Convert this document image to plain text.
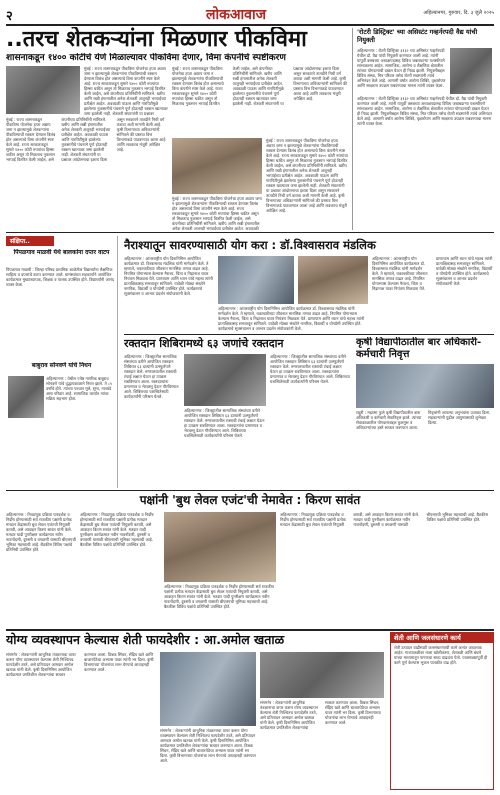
२	लोकआवाज	अहिल्यानगर, गुरुवार, दि. ३ जुलै २०२५
..तरच शेतकऱ्यांना मिळणार पीकविमा
शासनाकडून १४०० कोटींचे येणे मिळाल्यावर पीकविमा देणार, विमा कंपनीचे स्पष्टीकरण
मुंबई : राज्य शासनाकडून पीकविमा योजनेचा हप्ता अद्याप जमा न झाल्यामुळे शेतकऱ्यांना पीकविम्याची रक्कम देण्यास विलंब होत असल्याचे विमा कंपनीने स्पष्ट केले आहे. राज्य सरकारकडून सुमारे १४०० कोटी रुपयांचा हिस्सा थकीत असून तो मिळताच नुकसान भरपाई वितरित केली जाईल, असे कंपनीच्या प्रतिनिधींनी सांगितले. खरीप आणि रब्बी हंगामातील अनेक शेतकरी अजूनही भरपाईच्या प्रतीक्षेत आहेत. अवकाळी पाऊस आणि गारपिटीमुळे झालेल्या नुकसानीचे पंचनामे पूर्ण होऊनही रक्कम खात्यावर जमा झालेली नाही. शेतकरी संघटनांनी या प्रश्नावर आंदोलनाचा इशारा दिला असून सरकारने तातडीने निधी वर्ग करावा अशी मागणी केली आहे. कृषी विभागाच्या अधिकाऱ्यांनी सांगितले की प्रस्ताव वित्त विभागाकडे पाठवण्यात आला आहे आणि लवकरच मंजुरी अपेक्षित आहे.
मुंबई : राज्य शासनाकडून पीकविमा योजनेचा हप्ता अद्याप जमा न झाल्यामुळे शेतकऱ्यांना पीकविम्याची रक्कम देण्यास विलंब होत असल्याचे विमा कंपनीने स्पष्ट केले आहे. राज्य सरकारकडून सुमारे १४०० कोटी रुपयांचा हिस्सा थकीत असून तो मिळताच नुकसान भरपाई वितरित केली जाईल, असे कंपनीच्या प्रतिनिधींनी सांगितले. खरीप आणि रब्बी हंगामातील अनेक शेतकरी अजूनही भरपाईच्या प्रतीक्षेत आहेत. अवकाळी पाऊस आणि गारपिटीमुळे झालेल्या नुकसानीचे पंचनामे पूर्ण होऊनही रक्कम खात्यावर जमा झालेली नाही. शेतकरी संघटनांनी या प्रश्नावर
मुंबई : राज्य शासनाकडून पीकविमा योजनेचा हप्ता अद्याप जमा न झाल्यामुळे शेतकऱ्यांना पीकविम्याची रक्कम देण्यास विलंब होत असल्याचे विमा कंपनीने स्पष्ट केले आहे. राज्य सरकारकडून सुमारे १४०० कोटी रुपयांचा हिस्सा थकीत असून तो मिळताच नुकसान भरपाई वितरित केली जाईल, असे कंपनीच्या प्रतिनिधींनी सांगितले. खरीप आणि रब्बी हंगामातील अनेक शेतकरी अजूनही भरपाईच्या प्रतीक्षेत आहेत. अवकाळी पाऊस आणि गारपिटीमुळे झालेल्या नुकसानीचे पंचनामे पूर्ण होऊनही रक्कम खात्यावर जमा झालेली नाही. शेतकरी संघटनांनी या प्रश्नावर आंदोलनाचा इशारा दिला असून सरकारने तातडीने निधी वर्ग करावा अशी मागणी केली आहे. कृषी विभागाच्या अधिकाऱ्यांनी सांगितले की प्रस्ताव वित्त विभागाकडे पाठवण्यात आला आहे आणि लवकरच मंजुरी अपेक्षित आहे.
मुंबई : राज्य शासनाकडून पीकविमा योजनेचा हप्ता अद्याप जमा न झाल्यामुळे शेतकऱ्यांना पीकविम्याची रक्कम देण्यास विलंब होत असल्याचे विमा कंपनीने स्पष्ट केले आहे. राज्य सरकारकडून सुमारे १४०० कोटी रुपयांचा हिस्सा थकीत असून तो मिळताच नुकसान भरपाई वितरित केली जाईल, असे कंपनीच्या प्रतिनिधींनी सांगितले. खरीप आणि रब्बी हंगामातील अनेक शेतकरी अजूनही भरपाईच्या प्रतीक्षेत आहेत. अवकाळी पाऊस आणि गारपिटीमुळे झालेल्या नुकसानीचे पंचनामे पूर्ण होऊनही रक्कम खात्यावर जमा झालेली नाही. शेतकरी संघटनांनी या प्रश्नावर आंदोलनाचा इशारा दिला असून सरकारने तातडीने निधी वर्ग करावा अशी मागणी केली आहे. कृषी विभागाच्या अधिकाऱ्यांनी सांगितले की प्रस्ताव वित्त विभागाकडे पाठवण्यात आला आहे आणि लवकरच मंजुरी अपेक्षित आहे.
मुंबई : राज्य शासनाकडून पीकविमा योजनेचा हप्ता अद्याप जमा न झाल्यामुळे शेतकऱ्यांना पीकविम्याची रक्कम देण्यास विलंब होत असल्याचे विमा कंपनीने स्पष्ट केले आहे. राज्य सरकारकडून सुमारे १४०० कोटी रुपयांचा हिस्सा थकीत असून तो मिळताच नुकसान भरपाई वितरित केली जाईल, असे कंपनीच्या प्रतिनिधींनी सांगितले. खरीप आणि रब्बी हंगामातील अनेक शेतकरी अजूनही भरपाईच्या प्रतीक्षेत आहेत. अवकाळी
'रोटरी डिस्ट्रिक्ट' च्या असिस्टंट गव्हर्नरपदी वैद्य यांची नियुक्ती
अहिल्यानगर : रोटरी डिस्ट्रिक्ट ३१३२ च्या असिस्टंट गव्हर्नरपदी येथील डॉ. वैद्य यांची नियुक्ती करण्यात आली आहे. त्यांनी यापूर्वी क्लबच्या अध्यक्षपदासह विविध जबाबदाऱ्या यशस्वीपणे सांभाळल्या आहेत. सामाजिक, आरोग्य व शैक्षणिक क्षेत्रातील त्यांच्या योगदानाची दखल घेऊन ही निवड झाली. नियुक्तीबद्दल विविध संस्था, मित्र परिवार तसेच रोटरी सदस्यांनी त्यांचे अभिनंदन केले आहे. आगामी वर्षात आरोग्य शिबिरे, वृक्षारोपण आणि साक्षरता उपक्रम राबवण्याचा मानस त्यांनी व्यक्त केला.
अहिल्यानगर : रोटरी डिस्ट्रिक्ट ३१३२ च्या असिस्टंट गव्हर्नरपदी येथील डॉ. वैद्य यांची नियुक्ती करण्यात आली आहे. त्यांनी यापूर्वी क्लबच्या अध्यक्षपदासह विविध जबाबदाऱ्या यशस्वीपणे सांभाळल्या आहेत. सामाजिक, आरोग्य व शैक्षणिक क्षेत्रातील त्यांच्या योगदानाची दखल घेऊन ही निवड झाली. नियुक्तीबद्दल विविध संस्था, मित्र परिवार तसेच रोटरी सदस्यांनी त्यांचे अभिनंदन केले आहे. आगामी वर्षात आरोग्य शिबिरे, वृक्षारोपण आणि साक्षरता उपक्रम राबवण्याचा मानस त्यांनी व्यक्त केला.
संक्षिप्त..
पिंपळगाव माळवी येथे बालकांना दप्तर वाटप
पिंपळगाव माळवी : जिल्हा परिषद प्राथमिक शाळेतील विद्यार्थ्यांना शैक्षणिक साहित्य व दप्तरांचे वाटप करण्यात आले. ग्रामस्थांच्या सहकार्याने आयोजित कार्यक्रमात मुख्याध्यापक, शिक्षक व पालक उपस्थित होते. विद्यार्थ्यांनी आनंद व्यक्त केला.
बाबुराव सोनवणे यांचे निधन
अहिल्यानगर : येथील ज्येष्ठ नागरिक बाबुराव सोनवणे यांचे वृद्धापकाळाने निधन झाले. ते ८५ वर्षांचे होते. त्यांच्या पश्चात मुले, सुना, नातवंडे असा परिवार आहे. सामाजिक कार्यात त्यांचा सक्रिय सहभाग होता.
नैराश्यातून सावरण्यासाठी योग करा : डॉ.विश्वासराव मंडलिक
अहिल्यानगर : आंतरराष्ट्रीय योग दिनानिमित्त आयोजित कार्यक्रमात डॉ. विश्वासराव मंडलिक यांनी मार्गदर्शन केले. ते म्हणाले, धकाधकीच्या जीवनात मानसिक तणाव वाढत आहे. नियमित योगाभ्यास केल्यास नैराश्य, चिंता व निद्रानाश यावर नियंत्रण मिळवता येते. प्राणायाम आणि ध्यान यांचे महत्त्व त्यांनी प्रात्यक्षिकासह समजावून सांगितले. यावेळी मोठ्या संख्येने नागरिक, विद्यार्थी व योगप्रेमी उपस्थित होते. कार्यक्रमाचे सूत्रसंचालन व आभार प्रदर्शन संयोजकांनी केले.
अहिल्यानगर : आंतरराष्ट्रीय योग दिनानिमित्त आयोजित कार्यक्रमात डॉ. विश्वासराव मंडलिक यांनी मार्गदर्शन केले. ते म्हणाले, धकाधकीच्या जीवनात मानसिक तणाव वाढत आहे. नियमित योगाभ्यास केल्यास नैराश्य, चिंता व निद्रानाश यावर नियंत्रण मिळवता येते. प्राणायाम आणि ध्यान यांचे महत्त्व त्यांनी प्रात्यक्षिकासह समजावून सांगितले. यावेळी मोठ्या संख्येने नागरिक, विद्यार्थी व योगप्रेमी उपस्थित होते. कार्यक्रमाचे सूत्रसंचालन व आभार प्रदर्शन संयोजकांनी केले.
अहिल्यानगर : आंतरराष्ट्रीय योग दिनानिमित्त आयोजित कार्यक्रमात डॉ. विश्वासराव मंडलिक यांनी मार्गदर्शन केले. ते म्हणाले, धकाधकीच्या जीवनात मानसिक तणाव वाढत आहे. नियमित योगाभ्यास केल्यास नैराश्य, चिंता व निद्रानाश यावर नियंत्रण मिळवता येते. प्राणायाम आणि ध्यान यांचे महत्त्व त्यांनी प्रात्यक्षिकासह समजावून सांगितले. यावेळी मोठ्या संख्येने नागरिक, विद्यार्थी व योगप्रेमी उपस्थित होते. कार्यक्रमाचे सूत्रसंचालन व आभार प्रदर्शन संयोजकांनी केले.
रक्तदान शिबिरामध्ये ६३ जणांचे रक्तदान
अहिल्यानगर : जिल्ह्यातील सामाजिक संस्थांच्या वतीने आयोजित रक्तदान शिबिरात ६३ दात्यांनी उत्स्फूर्तपणे रक्तदान केले. रुग्णालयातील रक्ताची टंचाई लक्षात घेऊन हा उपक्रम राबविण्यात आला. रक्तदात्यांना प्रमाणपत्र व भेटवस्तू देऊन गौरविण्यात आले. शिबिराच्या यशस्वितेसाठी कार्यकर्त्यांनी परिश्रम घेतले.
अहिल्यानगर : जिल्ह्यातील सामाजिक संस्थांच्या वतीने आयोजित रक्तदान शिबिरात ६३ दात्यांनी उत्स्फूर्तपणे रक्तदान केले. रुग्णालयातील रक्ताची टंचाई लक्षात घेऊन हा उपक्रम राबविण्यात आला. रक्तदात्यांना प्रमाणपत्र व भेटवस्तू देऊन गौरविण्यात आले. शिबिराच्या यशस्वितेसाठी कार्यकर्त्यांनी परिश्रम घेतले.
अहिल्यानगर : जिल्ह्यातील सामाजिक संस्थांच्या वतीने आयोजित रक्तदान शिबिरात ६३ दात्यांनी उत्स्फूर्तपणे रक्तदान केले. रुग्णालयातील रक्ताची टंचाई लक्षात घेऊन हा उपक्रम राबविण्यात आला. रक्तदात्यांना प्रमाणपत्र व भेटवस्तू देऊन गौरविण्यात आले. शिबिराच्या यशस्वितेसाठी कार्यकर्त्यांनी परिश्रम घेतले.
कृषी विद्यापीठातील बार अधिकारी-कर्मचारी निवृत्त
राहुरी : महात्मा फुले कृषी विद्यापीठातील बारा अधिकारी व कर्मचारी सेवानिवृत्त झाले. त्यांच्या सेवाकाळातील योगदानाबद्दल कुलगुरू व अधिकाऱ्यांच्या हस्ते सत्कार करण्यात आला. निवृत्तांनी आपल्या अनुभवांना उजाळा दिला. सहकाऱ्यांनी पुढील आयुष्यासाठी शुभेच्छा दिल्या.
पक्षांनी 'बुथ लेवल एजंट'ची नेमावेत : किरण सावंत
अहिल्यानगर : निवडणूक प्रक्रिया पारदर्शक व निर्दोष होण्यासाठी सर्व राजकीय पक्षांनी प्रत्येक मतदान केंद्रासाठी बुथ लेवल एजंटची नियुक्ती करावी, असे आवाहन किरण सावंत यांनी केले. मतदार यादी पुनरीक्षण कार्यक्रमात नवीन नावनोंदणी, दुरुस्ती व वगळणी यासाठी बीएलएची भूमिका महत्त्वाची आहे. बैठकीस विविध पक्षांचे प्रतिनिधी उपस्थित होते.
अहिल्यानगर : निवडणूक प्रक्रिया पारदर्शक व निर्दोष होण्यासाठी सर्व राजकीय पक्षांनी प्रत्येक मतदान केंद्रासाठी बुथ लेवल एजंटची नियुक्ती करावी, असे आवाहन किरण सावंत यांनी केले. मतदार यादी पुनरीक्षण कार्यक्रमात नवीन नावनोंदणी, दुरुस्ती व वगळणी यासाठी बीएलएची भूमिका महत्त्वाची आहे. बैठकीस विविध पक्षांचे प्रतिनिधी उपस्थित होते.
अहिल्यानगर : निवडणूक प्रक्रिया पारदर्शक व निर्दोष होण्यासाठी सर्व राजकीय पक्षांनी प्रत्येक मतदान केंद्रासाठी बुथ लेवल एजंटची नियुक्ती करावी, असे आवाहन किरण सावंत यांनी केले. मतदार यादी पुनरीक्षण कार्यक्रमात नवीन नावनोंदणी, दुरुस्ती व वगळणी यासाठी बीएलएची भूमिका महत्त्वाची आहे. बैठकीस विविध पक्षांचे प्रतिनिधी उपस्थित होते.
अहिल्यानगर : निवडणूक प्रक्रिया पारदर्शक व निर्दोष होण्यासाठी सर्व राजकीय पक्षांनी प्रत्येक मतदान केंद्रासाठी बुथ लेवल एजंटची नियुक्ती करावी, असे आवाहन किरण सावंत यांनी केले. मतदार यादी पुनरीक्षण कार्यक्रमात नवीन नावनोंदणी, दुरुस्ती व वगळणी यासाठी बीएलएची भूमिका महत्त्वाची आहे. बैठकीस विविध पक्षांचे प्रतिनिधी उपस्थित होते.
योग्य व्यवस्थापन केल्यास शेती फायदेशीर : आ.अमोल खताळ
संगमनेर : शेतकऱ्यांनी आधुनिक तंत्रज्ञानाचा वापर करून योग्य व्यवस्थापन केल्यास शेती निश्चितच फायदेशीर ठरते, असे प्रतिपादन आमदार अमोल खताळ यांनी केले. कृषी दिनानिमित्त आयोजित कार्यक्रमात प्रगतिशील शेतकऱ्यांचा सत्कार करण्यात आला. ठिबक सिंचन, सेंद्रिय खते आणि बाजारपेठेचा अभ्यास यावर त्यांनी भर दिला. कृषी विभागाच्या योजनांचा लाभ घेण्याचे आवाहनही करण्यात आले.
संगमनेर : शेतकऱ्यांनी आधुनिक तंत्रज्ञानाचा वापर करून योग्य व्यवस्थापन केल्यास शेती निश्चितच फायदेशीर ठरते, असे प्रतिपादन आमदार अमोल खताळ यांनी केले. कृषी दिनानिमित्त आयोजित कार्यक्रमात प्रगतिशील शेतकऱ्यांचा सत्कार करण्यात आला. ठिबक सिंचन, सेंद्रिय खते आणि बाजारपेठेचा अभ्यास यावर त्यांनी भर दिला. कृषी विभागाच्या योजनांचा लाभ घेण्याचे आवाहनही करण्यात आले.
संगमनेर : शेतकऱ्यांनी आधुनिक तंत्रज्ञानाचा वापर करून योग्य व्यवस्थापन केल्यास शेती निश्चितच फायदेशीर ठरते, असे प्रतिपादन आमदार अमोल खताळ यांनी केले. कृषी दिनानिमित्त आयोजित कार्यक्रमात प्रगतिशील शेतकऱ्यांचा सत्कार करण्यात आला. ठिबक सिंचन, सेंद्रिय खते आणि बाजारपेठेचा अभ्यास यावर त्यांनी भर दिला. कृषी विभागाच्या योजनांचा लाभ घेण्याचे आवाहनही करण्यात आले.
शेती आणि जलसंधारणे कार्य
शेती उत्पादन वाढीसाठी जलसंधारणाची कामे अत्यंत आवश्यक आहेत. गावपातळीवर नाला खोलीकरण, शेततळी आणि बंधारे यांच्या माध्यमातून पाण्याचा साठा वाढवता येतो. पावसाळ्यापूर्वी ही कामे पूर्ण केल्यास भूजल पातळीत वाढ होते.
